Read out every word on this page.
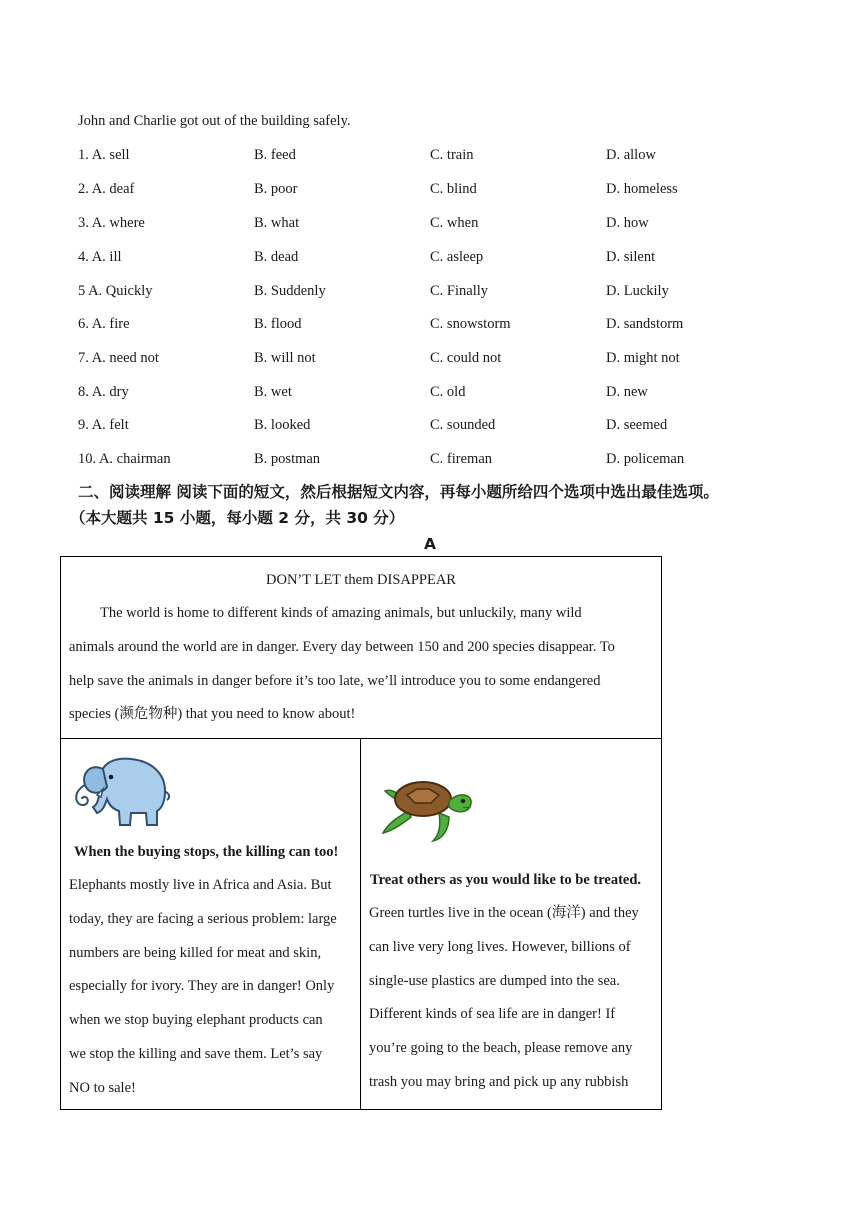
John and Charlie got out of the building safely.
1. A. sell	B. feed	C. train	D. allow
2. A. deaf	B. poor	C. blind	D. homeless
3. A. where	B. what	C. when	D. how
4. A. ill	B. dead	C. asleep	D. silent
5 A. Quickly	B. Suddenly	C. Finally	D. Luckily
6. A. fire	B. flood	C. snowstorm	D. sandstorm
7. A. need not	B. will not	C. could not	D. might not
8. A. dry	B. wet	C. old	D. new
9. A. felt	B. looked	C. sounded	D. seemed
10. A. chairman	B. postman	C. fireman	D. policeman
二、阅读理解 阅读下面的短文，然后根据短文内容，再每小题所给四个选项中选出最佳选项。
（本大题共 15 小题，每小题 2 分，共 30 分）
A
DON’T LET them DISAPPEAR
The world is home to different kinds of amazing animals, but unluckily, many wild
animals around the world are in danger. Every day between 150 and 200 species disappear. To
help save the animals in danger before it’s too late, we’ll introduce you to some endangered
species (濒危物种) that you need to know about!
When the buying stops, the killing can too!
Elephants mostly live in Africa and Asia. But
today, they are facing a serious problem: large
numbers are being killed for meat and skin,
especially for ivory. They are in danger! Only
when we stop buying elephant products can
we stop the killing and save them. Let’s say
NO to sale!
Treat others as you would like to be treated.
Green turtles live in the ocean (海洋) and they
can live very long lives. However, billions of
single-use plastics are dumped into the sea.
Different kinds of sea life are in danger! If
you’re going to the beach, please remove any
trash you may bring and pick up any rubbish
